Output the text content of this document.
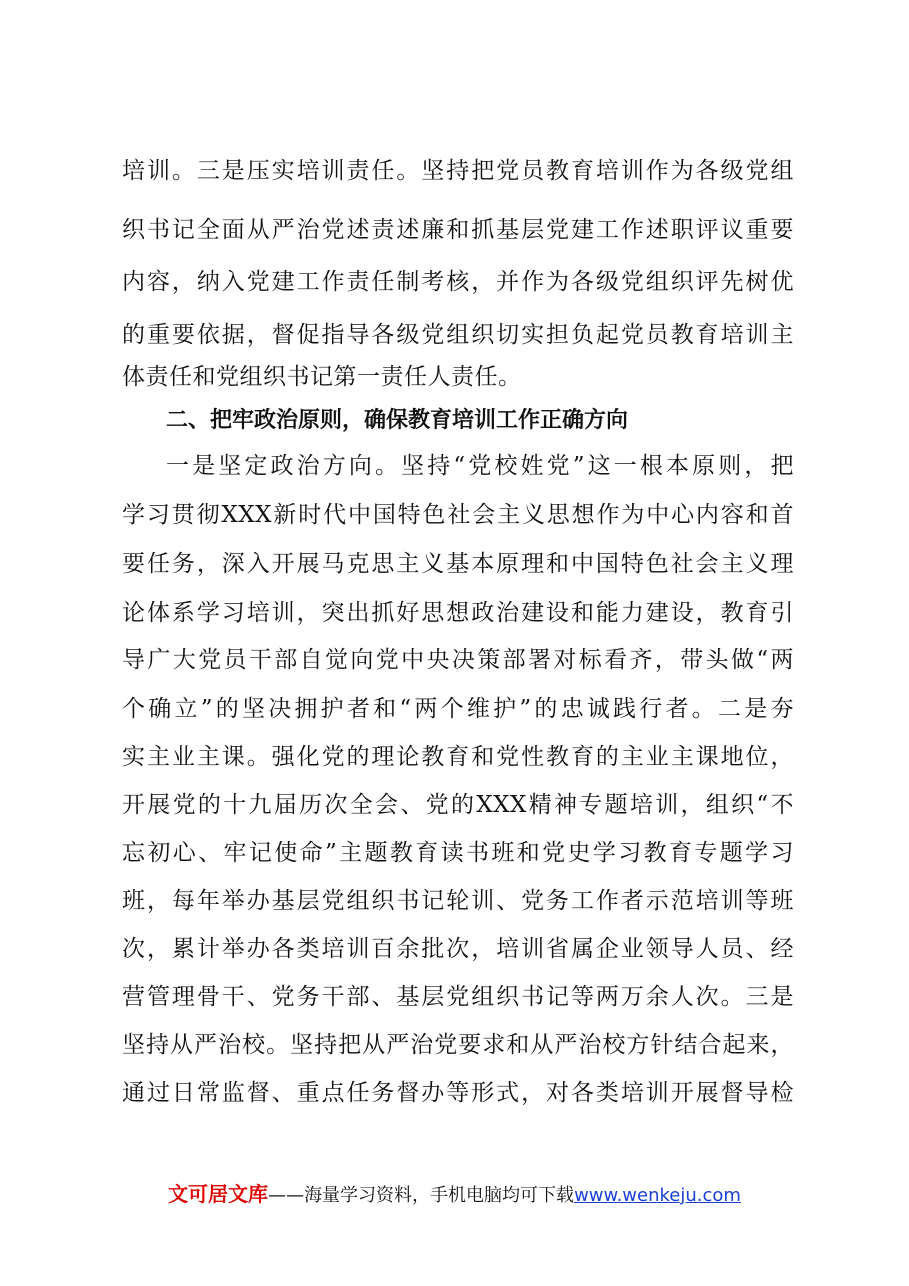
培训。三是压实培训责任。坚持把党员教育培训作为各级党组
织书记全面从严治党述责述廉和抓基层党建工作述职评议重要
内容，纳入党建工作责任制考核，并作为各级党组织评先树优
的重要依据，督促指导各级党组织切实担负起党员教育培训主
体责任和党组织书记第一责任人责任。
二、把牢政治原则，确保教育培训工作正确方向
一是坚定政治方向。坚持“党校姓党”这一根本原则，把
学习贯彻XXX新时代中国特色社会主义思想作为中心内容和首
要任务，深入开展马克思主义基本原理和中国特色社会主义理
论体系学习培训，突出抓好思想政治建设和能力建设，教育引
导广大党员干部自觉向党中央决策部署对标看齐，带头做“两
个确立”的坚决拥护者和“两个维护”的忠诚践行者。二是夯
实主业主课。强化党的理论教育和党性教育的主业主课地位，
开展党的十九届历次全会、党的XXX精神专题培训，组织“不
忘初心、牢记使命”主题教育读书班和党史学习教育专题学习
班，每年举办基层党组织书记轮训、党务工作者示范培训等班
次，累计举办各类培训百余批次，培训省属企业领导人员、经
营管理骨干、党务干部、基层党组织书记等两万余人次。三是
坚持从严治校。坚持把从严治党要求和从严治校方针结合起来，
通过日常监督、重点任务督办等形式，对各类培训开展督导检
文可居文库——海量学习资料，手机电脑均可下载www.wenkeju.com
